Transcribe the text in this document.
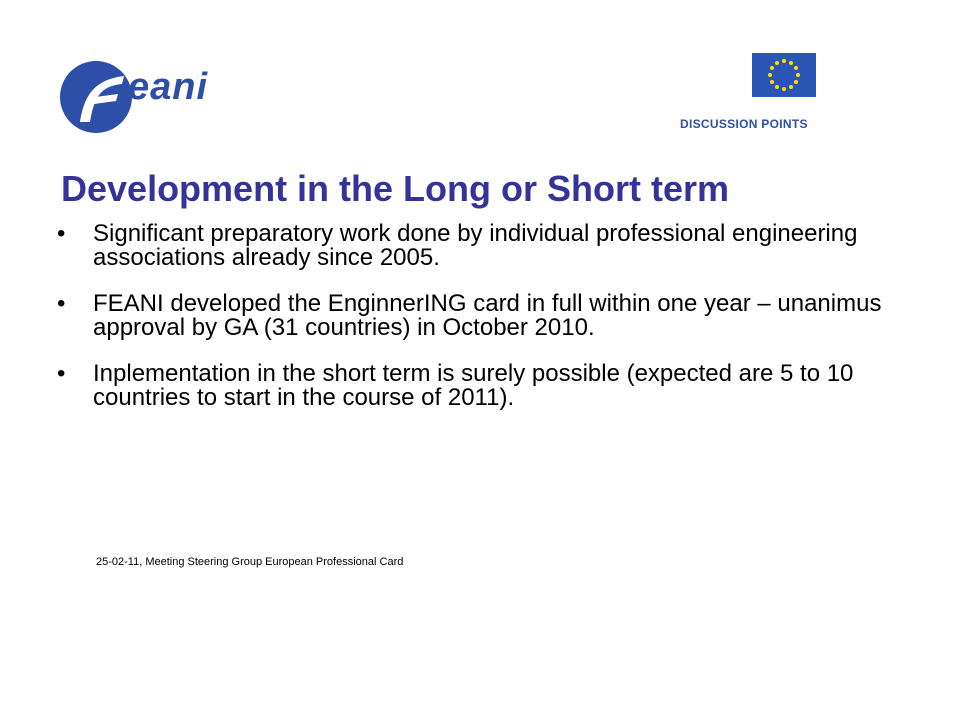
eani
DISCUSSION POINTS
Development in the Long or Short term
• Significant preparatory work done by individual professional engineering associations already since 2005.
• FEANI developed the EnginnerING card in full within one year – unanimus approval by GA (31 countries) in October 2010.
• Inplementation in the short term is surely possible (expected are 5 to 10 countries to start in the course of 2011).
25-02-11, Meeting Steering Group European Professional Card
